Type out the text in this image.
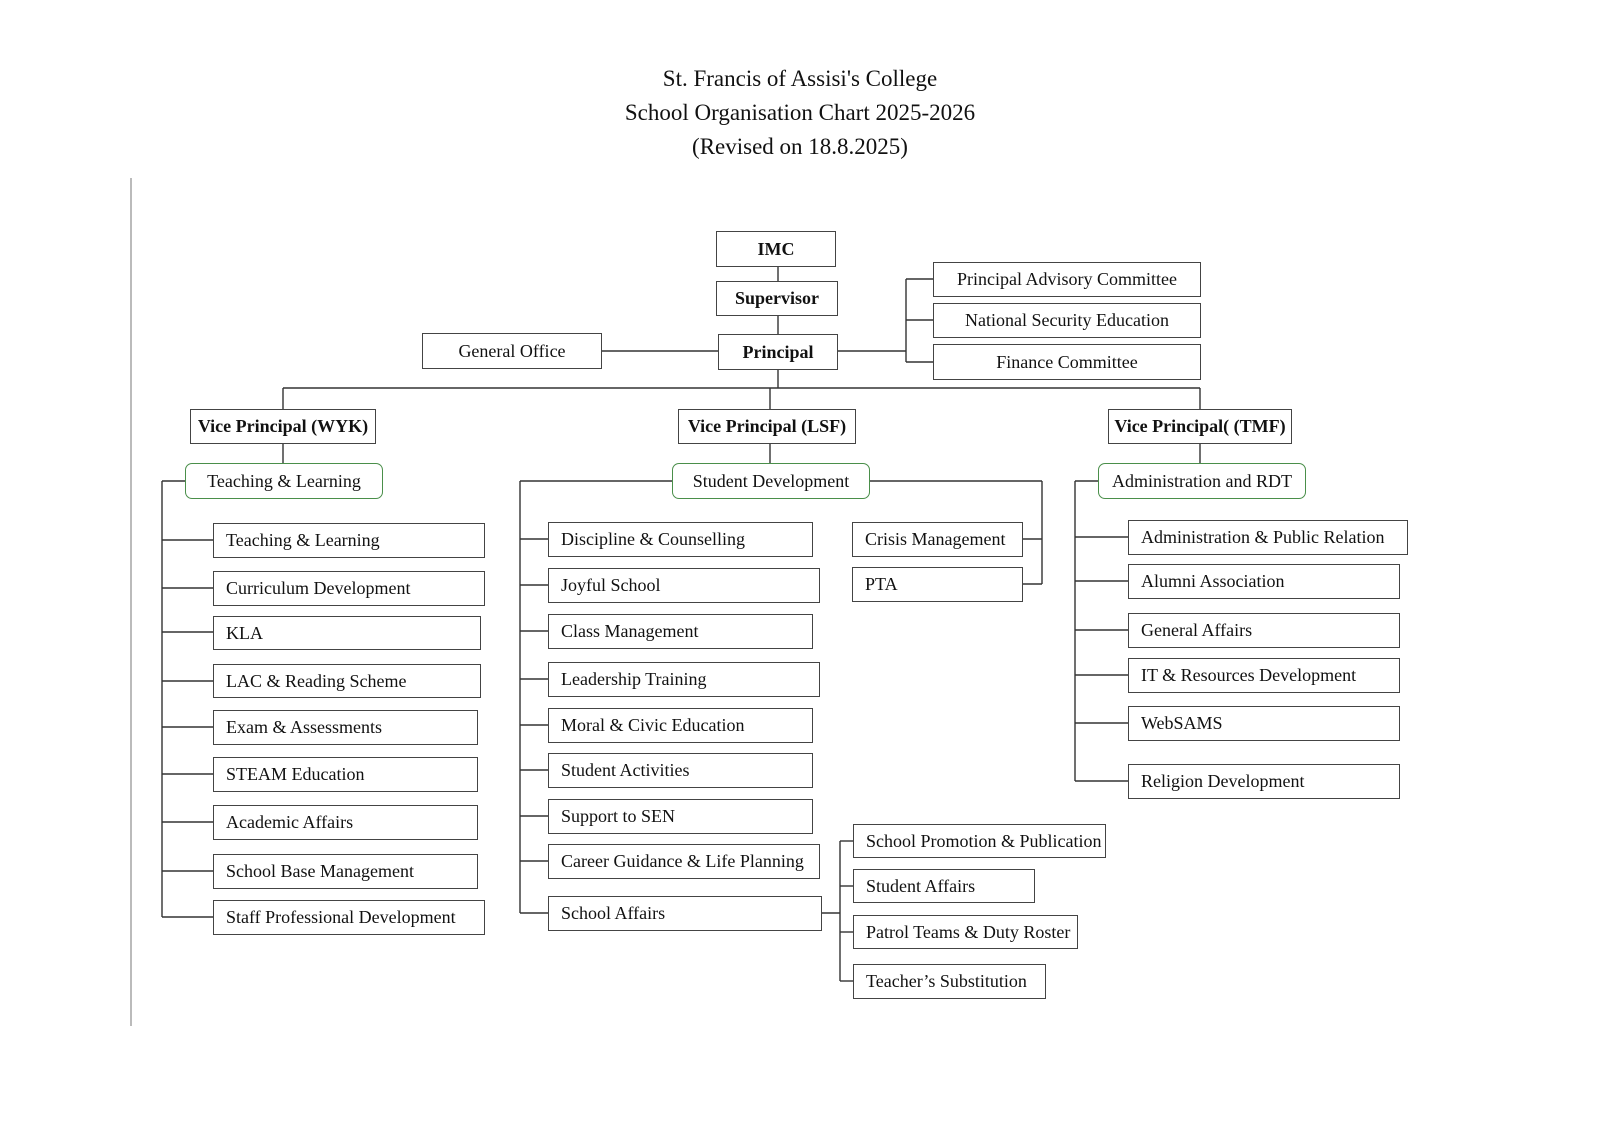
St. Francis of Assisi's College
School Organisation Chart 2025-2026
(Revised on 18.8.2025)
IMC
Supervisor
Principal
General Office
Principal Advisory Committee
National Security Education
Finance Committee
Vice Principal (WYK)	Vice Principal (LSF)	Vice Principal( (TMF)
Teaching & Learning	Student Development	Administration and RDT
Teaching & Learning
Curriculum Development
KLA
LAC & Reading Scheme
Exam & Assessments
STEAM Education
Academic Affairs
School Base Management
Staff Professional Development
Discipline & Counselling
Joyful School
Class Management
Leadership Training
Moral & Civic Education
Student Activities
Support to SEN
Career Guidance & Life Planning
School Affairs
Crisis Management
PTA
School Promotion & Publication
Student Affairs
Patrol Teams & Duty Roster
Teacher’s Substitution
Administration & Public Relation
Alumni Association
General Affairs
IT & Resources Development
WebSAMS
Religion Development
